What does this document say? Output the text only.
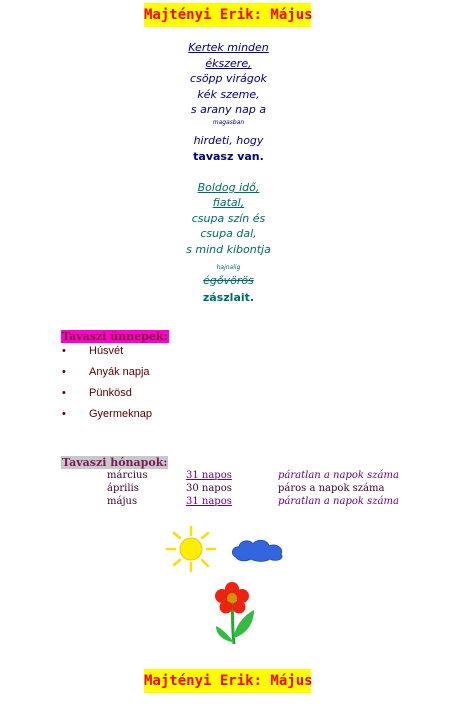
Majtényi Erik: Május
Kertek minden
ékszere,
csöpp virágok
kék szeme,
s arany nap a
magasban
hirdeti, hogy
tavasz van.
Boldog idő,
fiatal,
csupa szín és
csupa dal,
s mind kibontja
hajnalig
égővörös
zászlait.
Tavaszi ünnepek:
• Húsvét
• Anyák napja
• Pünkösd
• Gyermeknap
Tavaszi hónapok:
március	31 napos	páratlan a napok száma
április	30 napos	páros a napok száma
május	31 napos	páratlan a napok száma
Majtényi Erik: Május
